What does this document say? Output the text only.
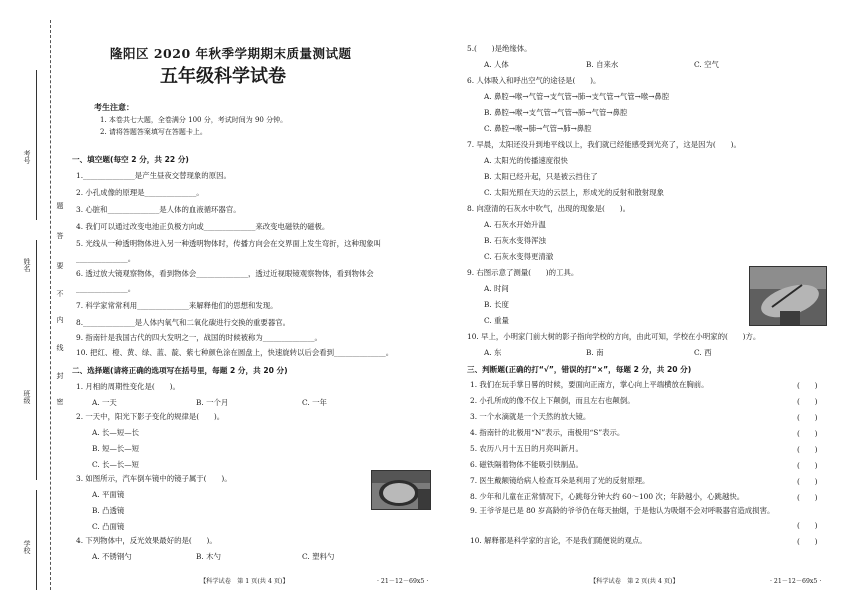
考号
姓名
班级
学校
题
答
要
不
内
线
封
密
隆阳区 2020 年秋季学期期末质量测试题
五年级科学试卷
考生注意：
1. 本卷共七大题，全卷满分 100 分，考试时间为 90 分钟。
2. 请将答题答案填写在答题卡上。
一、填空题(每空 2 分，共 22 分)
1.______________是产生昼夜交替现象的原因。
2. 小孔成像的原理是______________。
3. 心脏和______________是人体的血液循环器官。
4. 我们可以通过改变电池正负极方向或______________来改变电磁铁的磁极。
5. 光线从一种透明物体进入另一种透明物体时，传播方向会在交界面上发生弯折，这种现象叫
______________。
6. 透过放大镜观察物体，看到物体会______________，透过近视眼镜观察物体，看到物体会
______________。
7. 科学家常常利用______________来解释他们的思想和发现。
8.______________是人体内氧气和二氧化碳进行交换的重要器官。
9. 指南针是我国古代的四大发明之一，战国的时候被称为______________。
10. 把红、橙、黄、绿、蓝、靛、紫七种颜色涂在圆盘上，快速旋转以后会看到______________。
二、选择题(请将正确的选项写在括号里，每题 2 分，共 20 分)
1. 月相的周期性变化是(　　)。
A. 一天	B. 一个月	C. 一年
2. 一天中，阳光下影子变化的规律是(　　)。
A. 长—短—长
B. 短—长—短
C. 长—长—短
3. 如图所示，汽车倒车镜中的镜子属于(　　)。
A. 平面镜
B. 凸透镜
C. 凸面镜
4. 下列物体中，反光效果最好的是(　　)。
A. 不锈钢勺	B. 木勺	C. 塑料勺
【科学试卷　第 1 页(共 4 页)】	· 21－12－69x5 ·
5.(　　)是绝缘体。
A. 人体	B. 自来水	C. 空气
6. 人体吸入和呼出空气的途径是(　　)。
A. 鼻腔→喉→气管→支气管→肺→支气管→气管→喉→鼻腔
B. 鼻腔→喉→支气管→气管→肺→气管→鼻腔
C. 鼻腔→喉→肺→气管→肺→鼻腔
7. 早晨，太阳还没升到地平线以上，我们就已经能感受到光亮了，这是因为(　　)。
A. 太阳光的传播速度很快
B. 太阳已经升起，只是被云挡住了
C. 太阳光照在天边的云层上，形成光的反射和散射现象
8. 向澄清的石灰水中吹气，出现的现象是(　　)。
A. 石灰水开始升温
B. 石灰水变得浑浊
C. 石灰水变得更清澈
9. 右图示意了测量(　　)的工具。
A. 时间
B. 长度
C. 重量
10. 早上，小明家门前大树的影子指向学校的方向，由此可知，学校在小明家的(　　)方。
A. 东	B. 南	C. 西
三、判断题(正确的打“√”，错误的打“×”，每题 2 分，共 20 分)
1. 我们在玩手掌日晷的时候，要面向正南方，掌心向上平端横放在胸前。	(　　)
2. 小孔所成的像不仅上下颠倒，而且左右也颠倒。	(　　)
3. 一个水滴就是一个天然的放大镜。	(　　)
4. 指南针的北极用“N”表示，南极用“S”表示。	(　　)
5. 农历八月十五日的月亮叫新月。	(　　)
6. 磁铁隔着物体不能吸引铁制品。	(　　)
7. 医生戴额镜给病人检查耳朵是利用了光的反射原理。	(　　)
8. 少年和儿童在正常情况下，心跳每分钟大约 60～100 次；年龄越小，心跳越快。	(　　)
9. 王爷爷是已是 80 岁高龄的爷爷仍在每天抽烟，于是他认为吸烟不会对呼吸器官造成损害。
(　　)
10. 解释都是科学家的言论，不是我们随便说的观点。	(　　)
【科学试卷　第 2 页(共 4 页)】	· 21－12－69x5 ·
